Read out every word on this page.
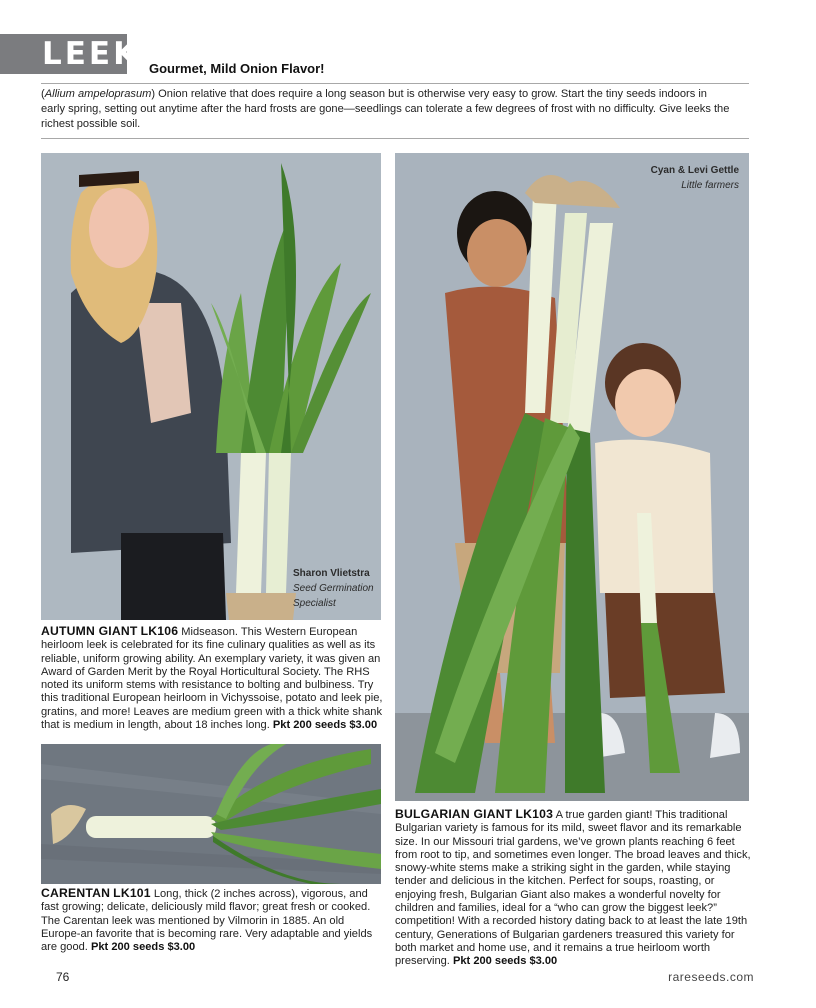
LEEK Gourmet, Mild Onion Flavor!
(Allium ampeloprasum) Onion relative that does require a long season but is otherwise very easy to grow. Start the tiny seeds indoors in early spring, setting out anytime after the hard frosts are gone—seedlings can tolerate a few degrees of frost with no difficulty. Give leeks the richest possible soil.
Sharon Vlietstra
Seed Germination
Specialist
AUTUMN GIANT LK106 Midseason. This Western European heirloom leek is celebrated for its fine culinary qualities as well as its reliable, uniform growing ability. An exemplary variety, it was given an Award of Garden Merit by the Royal Horticultural Society. The RHS noted its uniform stems with resistance to bolting and bulbiness. Try this traditional European heirloom in Vichyssoise, potato and leek pie, gratins, and more! Leaves are medium green with a thick white shank that is medium in length, about 18 inches long. Pkt 200 seeds $3.00
CARENTAN LK101 Long, thick (2 inches across), vigorous, and fast growing; delicate, deliciously mild flavor; great fresh or cooked. The Carentan leek was mentioned by Vilmorin in 1885. An old Europe-an favorite that is becoming rare. Very adaptable and yields are good. Pkt 200 seeds $3.00
Cyan & Levi Gettle
Little farmers
BULGARIAN GIANT LK103 A true garden giant! This traditional Bulgarian variety is famous for its mild, sweet flavor and its remarkable size. In our Missouri trial gardens, we’ve grown plants reaching 6 feet from root to tip, and sometimes even longer. The broad leaves and thick, snowy-white stems make a striking sight in the garden, while staying tender and delicious in the kitchen. Perfect for soups, roasting, or enjoying fresh, Bulgarian Giant also makes a wonderful novelty for children and families, ideal for a “who can grow the biggest leek?” competition! With a recorded history dating back to at least the late 19th century, Generations of Bulgarian gardeners treasured this variety for both market and home use, and it remains a true heirloom worth preserving. Pkt 200 seeds $3.00
76	rareseeds.com
